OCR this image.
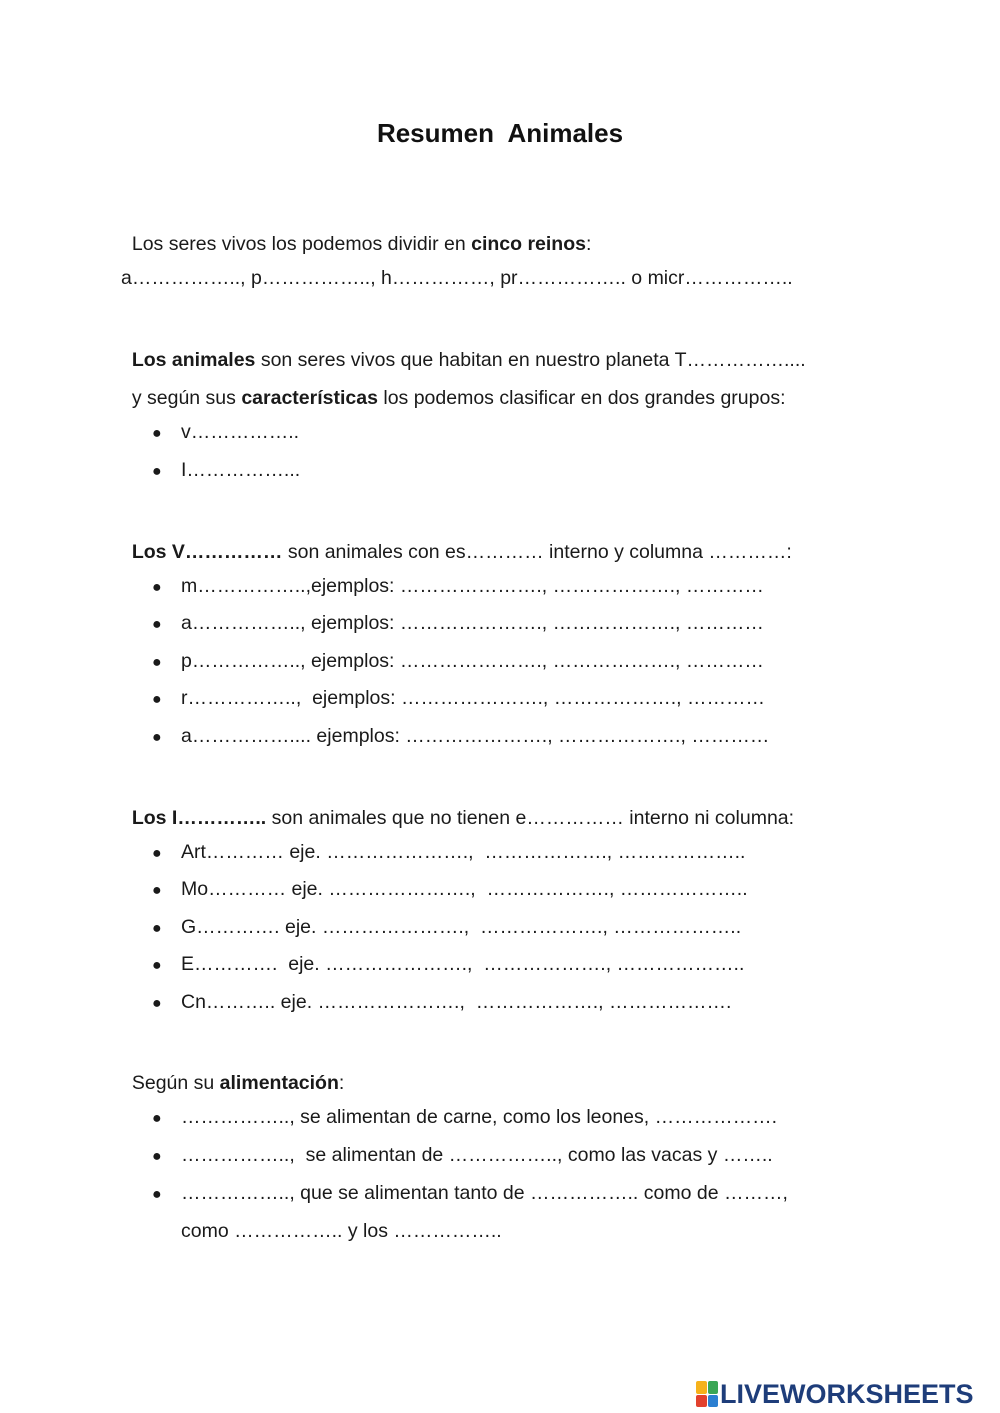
Resumen  Animales

Los seres vivos los podemos dividir en cinco reinos:

a…………….., p…………….., h……………, pr…………….. o micr……………..

Los animales son seres vivos que habitan en nuestro planeta T……………....

y según sus características los podemos clasificar en dos grandes grupos:

● v……………..
● I……………...

Los V…………… son animales con es………… interno y columna …………:

● m……………..,ejemplos: …………………., ………………., …………
● a…………….., ejemplos: …………………., ………………., …………
● p…………….., ejemplos: …………………., ………………., …………
● r……………..,  ejemplos: …………………., ………………., …………
● a…………….... ejemplos: …………………., ………………., …………

Los I………….. son animales que no tienen e…………… interno ni columna:

● Art………… eje. ………………….,  ………………., ………………..
● Mo………… eje. ………………….,  ………………., ………………..
● G…………. eje. ………………….,  ………………., ………………..
● E………….  eje. ………………….,  ………………., ………………..
● Cn……….. eje. ………………….,  ………………., ……………….

Según su alimentación:

● …………….., se alimentan de carne, como los leones, ……………….
● ……………..,  se alimentan de …………….., como las vacas y ……..
● …………….., que se alimentan tanto de …………….. como de ………,
como …………….. y los ……………..
LIVEWORKSHEETS
